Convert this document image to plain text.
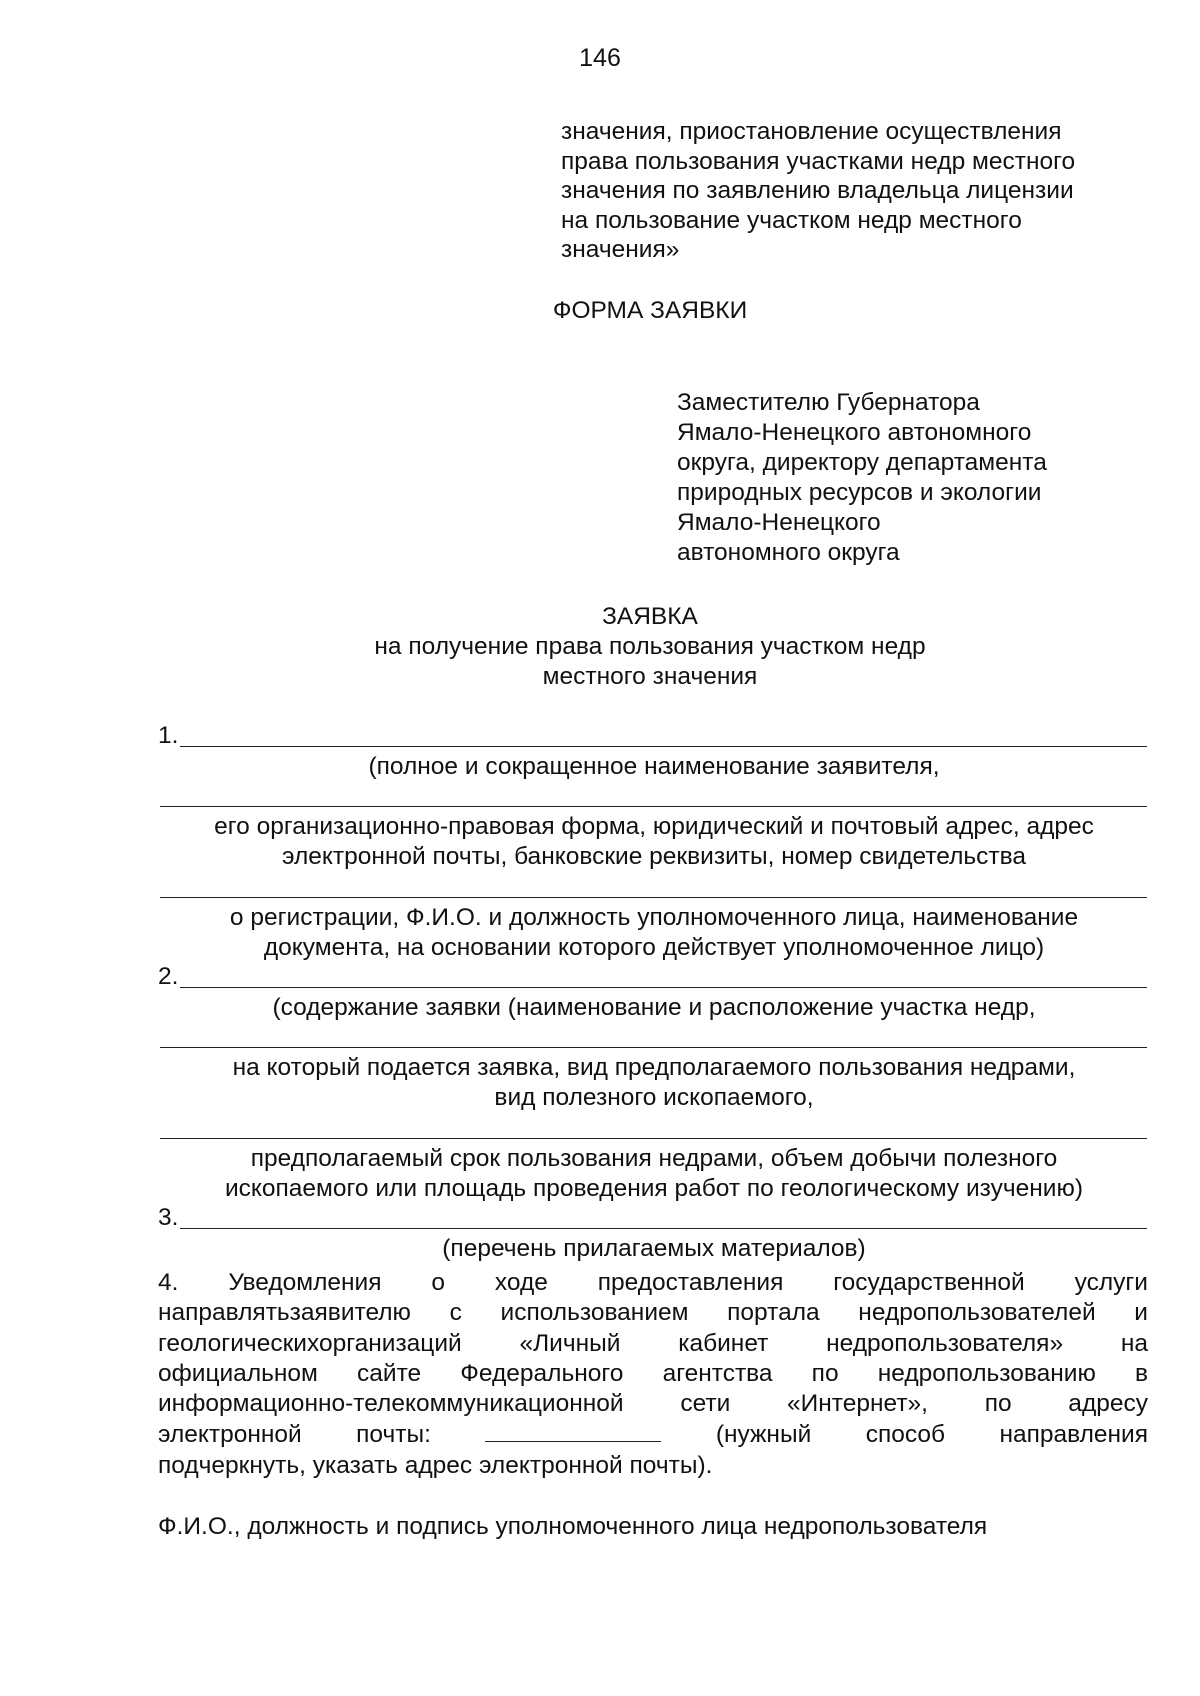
146
значения, приостановление осуществления
права пользования участками недр местного
значения по заявлению владельца лицензии
на пользование участком недр местного
значения»
ФОРМА ЗАЯВКИ
Заместителю Губернатора
Ямало-Ненецкого автономного
округа, директору департамента
природных ресурсов и экологии
Ямало-Ненецкого
автономного округа
ЗАЯВКА
на получение права пользования участком недр
местного значения
1.
(полное и сокращенное наименование заявителя,
его организационно-правовая форма, юридический и почтовый адрес, адрес
электронной почты, банковские реквизиты, номер свидетельства
о регистрации, Ф.И.О. и должность уполномоченного лица, наименование
документа, на основании которого действует уполномоченное лицо)
2.
(содержание заявки (наименование и расположение участка недр,
на который подается заявка, вид предполагаемого пользования недрами,
вид полезного ископаемого,
предполагаемый срок пользования недрами, объем добычи полезного
ископаемого или площадь проведения работ по геологическому изучению)
3.
(перечень прилагаемых материалов)
4. Уведомления о ходе предоставления государственной услуги
направлятьзаявителю с использованием портала недропользователей и
геологическихорганизаций «Личный кабинет недропользователя» на
официальном сайте Федерального агентства по недропользованию в
информационно-телекоммуникационной сети «Интернет», по адресу
электронной почты:	(нужный способ направления
подчеркнуть, указать адрес электронной почты).
Ф.И.О., должность и подпись уполномоченного лица недропользователя
